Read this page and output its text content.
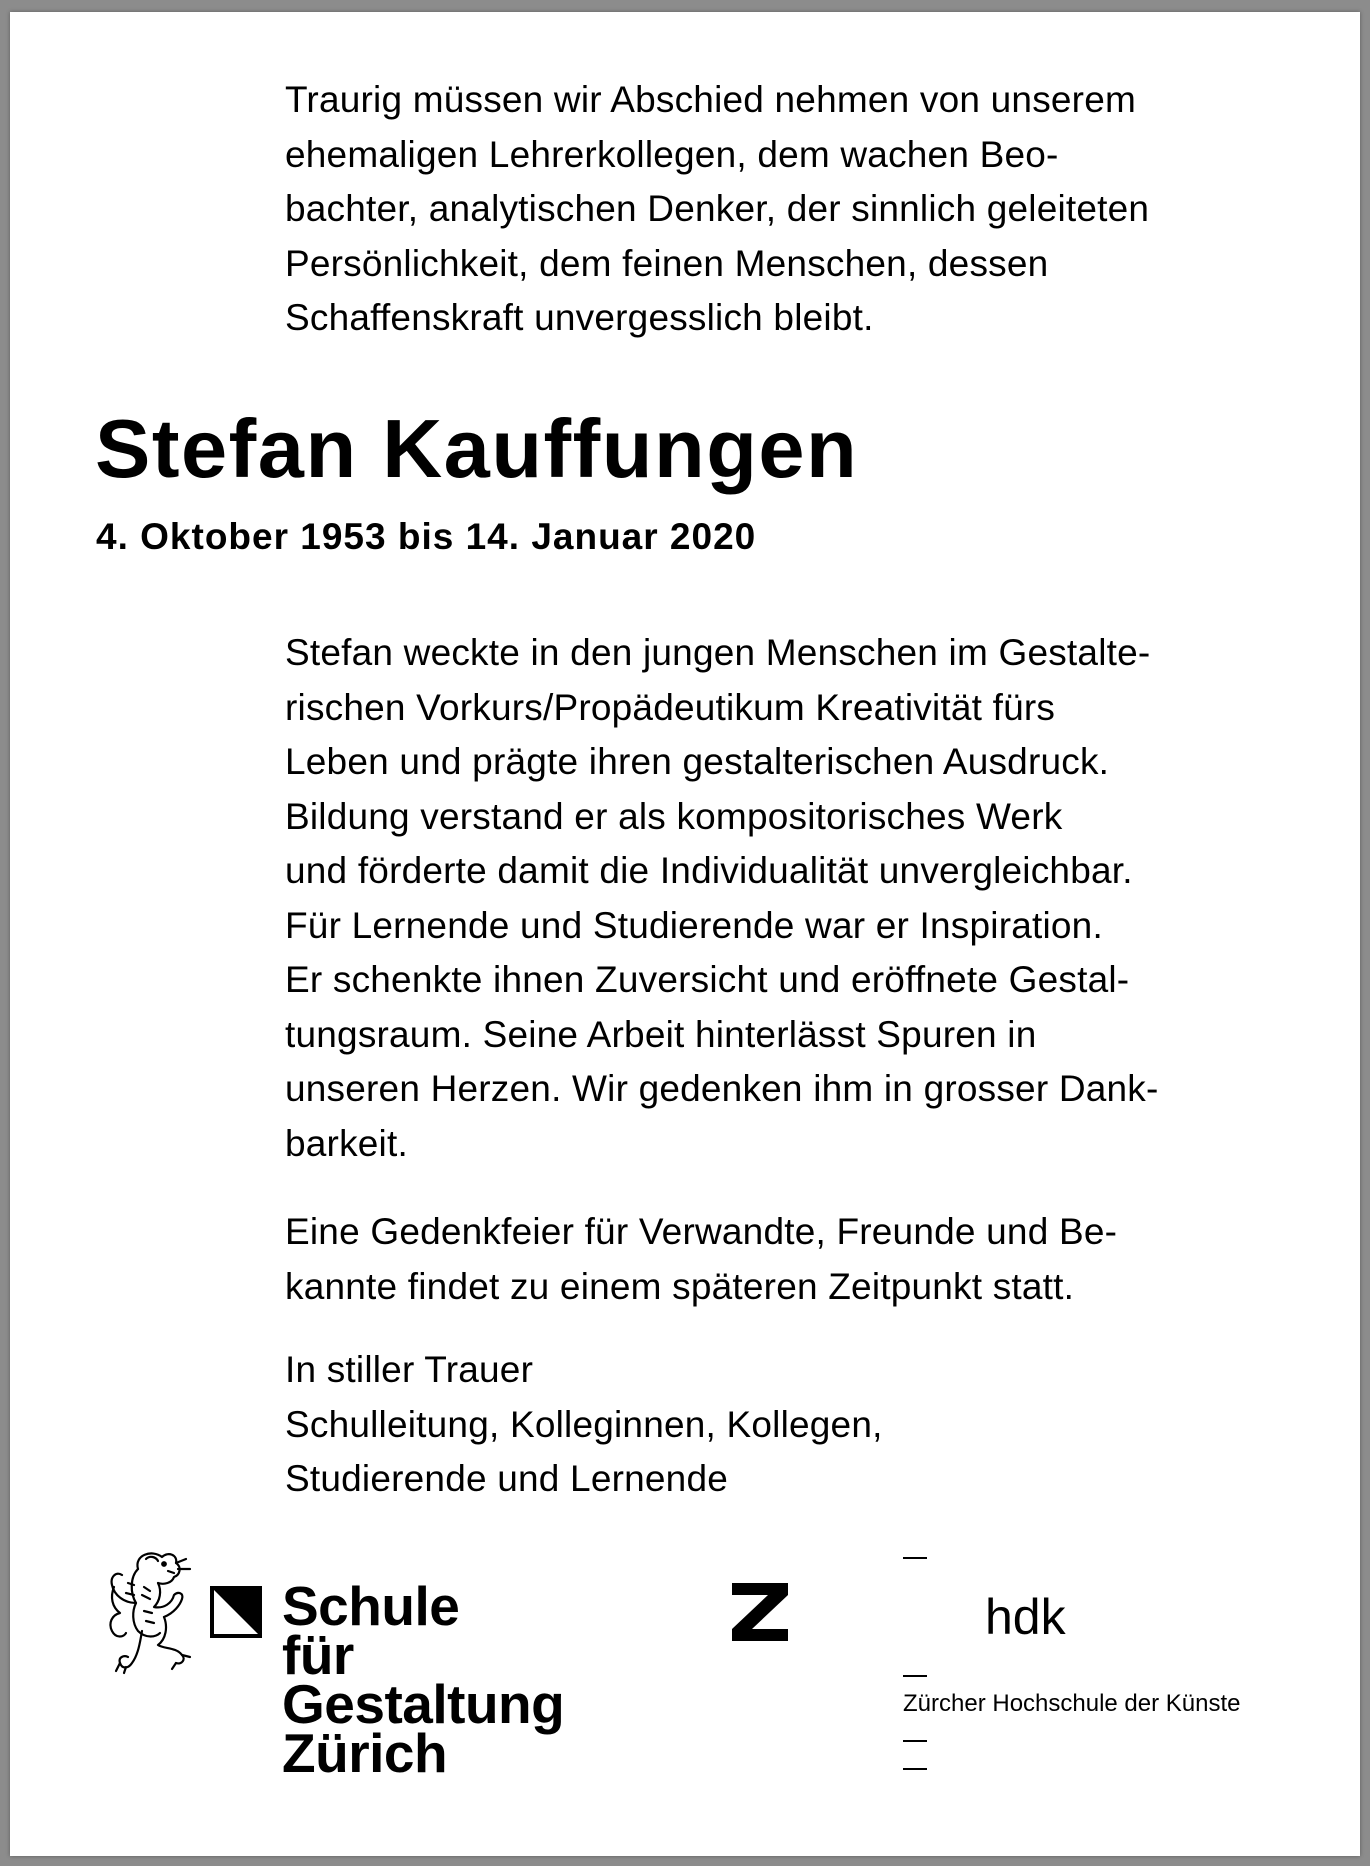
Traurig müssen wir Abschied nehmen von unserem
ehemaligen Lehrerkollegen, dem wachen Beo-
bachter, analytischen Denker, der sinnlich geleiteten
Persönlichkeit, dem feinen Menschen, dessen
Schaffenskraft unvergesslich bleibt.
Stefan Kauffungen
4. Oktober 1953 bis 14. Januar 2020
Stefan weckte in den jungen Menschen im Gestalte-
rischen Vorkurs/Propädeutikum Kreativität fürs
Leben und prägte ihren gestalterischen Ausdruck.
Bildung verstand er als kompositorisches Werk
und förderte damit die Individualität unvergleichbar.
Für Lernende und Studierende war er Inspiration.
Er schenkte ihnen Zuversicht und eröffnete Gestal-
tungsraum. Seine Arbeit hinterlässt Spuren in
unseren Herzen. Wir gedenken ihm in grosser Dank-
barkeit.
Eine Gedenkfeier für Verwandte, Freunde und Be-
kannte findet zu einem späteren Zeitpunkt statt.
In stiller Trauer
Schulleitung, Kolleginnen, Kollegen,
Studierende und Lernende
Schule
für
Gestaltung
Zürich
hdk
Zürcher Hochschule der Künste
